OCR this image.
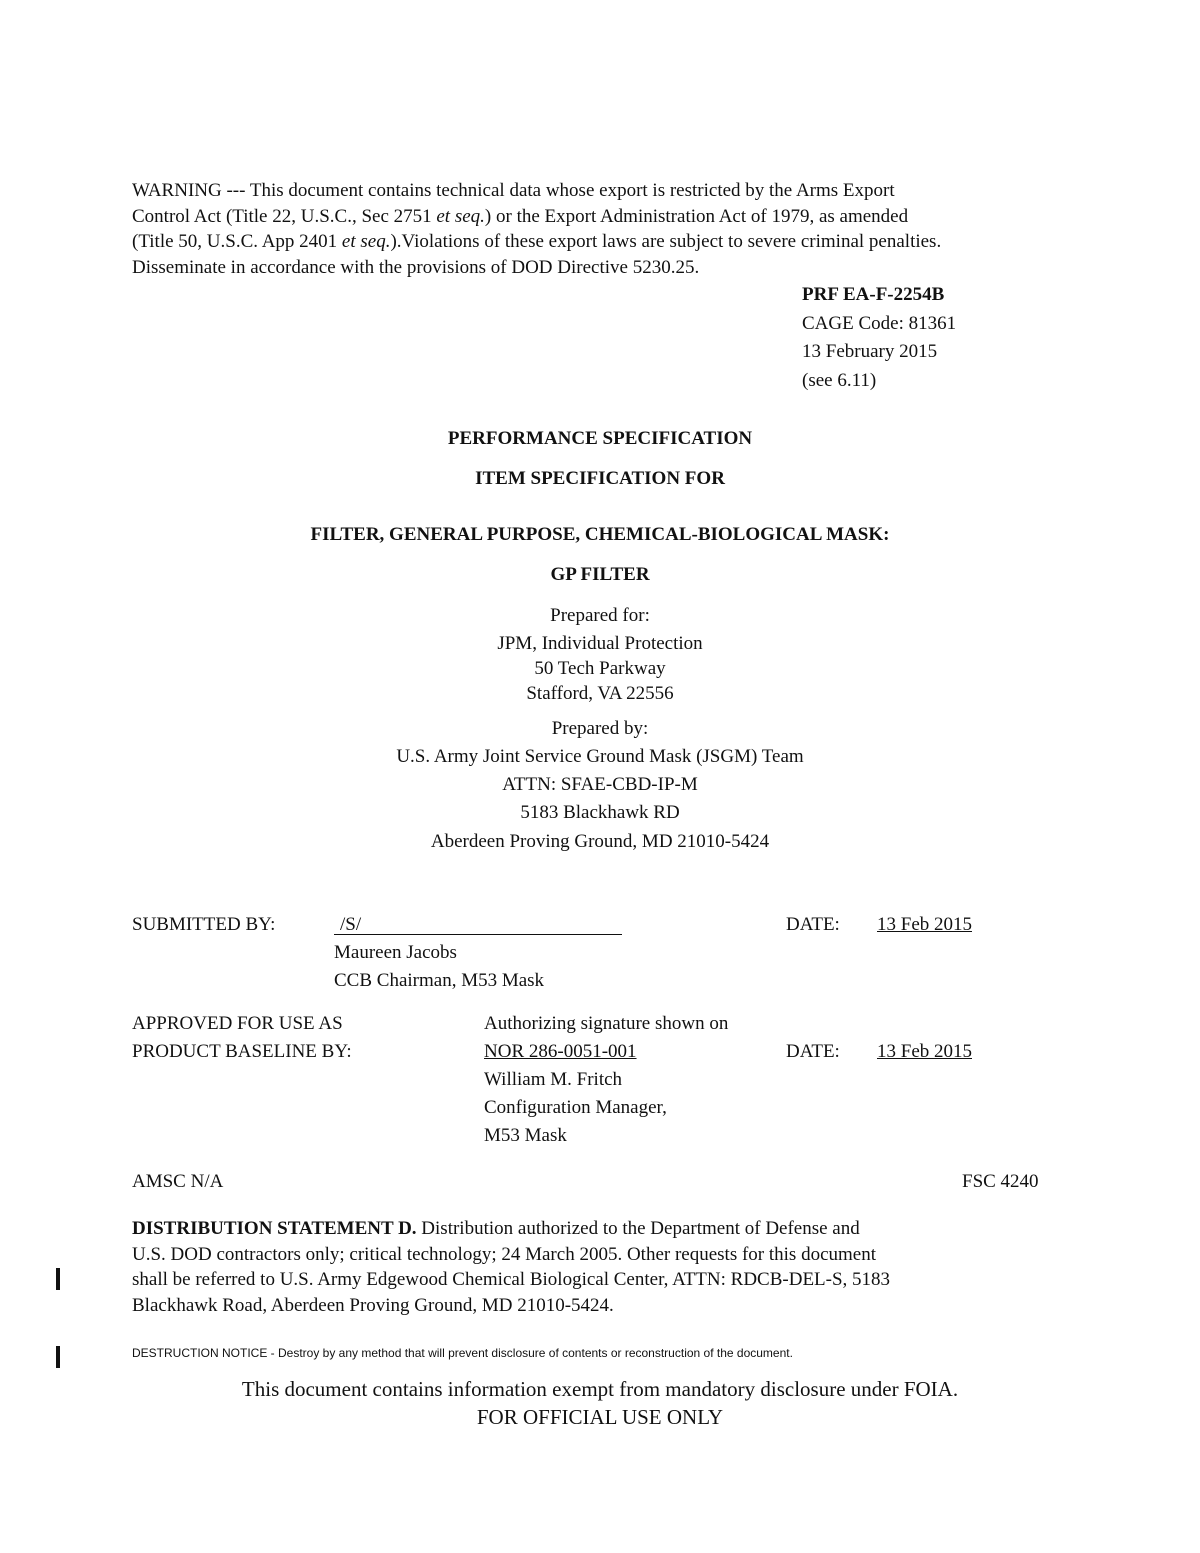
WARNING --- This document contains technical data whose export is restricted by the Arms Export
Control Act (Title 22, U.S.C., Sec 2751 et seq.) or the Export Administration Act of 1979, as amended
(Title 50, U.S.C. App 2401 et seq.).Violations of these export laws are subject to severe criminal penalties.
Disseminate in accordance with the provisions of DOD Directive 5230.25.
PRF EA-F-2254B
CAGE Code: 81361
13 February 2015
(see 6.11)
PERFORMANCE SPECIFICATION
ITEM SPECIFICATION FOR
FILTER, GENERAL PURPOSE, CHEMICAL-BIOLOGICAL MASK:
GP FILTER
Prepared for:
JPM, Individual Protection
50 Tech Parkway
Stafford, VA 22556
Prepared by:
U.S. Army Joint Service Ground Mask (JSGM) Team
ATTN: SFAE-CBD-IP-M
5183 Blackhawk RD
Aberdeen Proving Ground, MD 21010-5424
SUBMITTED BY:	/S/
Maureen Jacobs
CCB Chairman, M53 Mask
DATE: 13 Feb 2015
APPROVED FOR USE AS
PRODUCT BASELINE BY:
Authorizing signature shown on
NOR 286-0051-001
William M. Fritch
Configuration Manager,
M53 Mask
DATE: 13 Feb 2015
AMSC N/A	FSC 4240
DISTRIBUTION STATEMENT D. Distribution authorized to the Department of Defense and
U.S. DOD contractors only; critical technology; 24 March 2005. Other requests for this document
shall be referred to U.S. Army Edgewood Chemical Biological Center, ATTN: RDCB-DEL-S, 5183
Blackhawk Road, Aberdeen Proving Ground, MD 21010-5424.
DESTRUCTION NOTICE - Destroy by any method that will prevent disclosure of contents or reconstruction of the document.
This document contains information exempt from mandatory disclosure under FOIA.
FOR OFFICIAL USE ONLY
